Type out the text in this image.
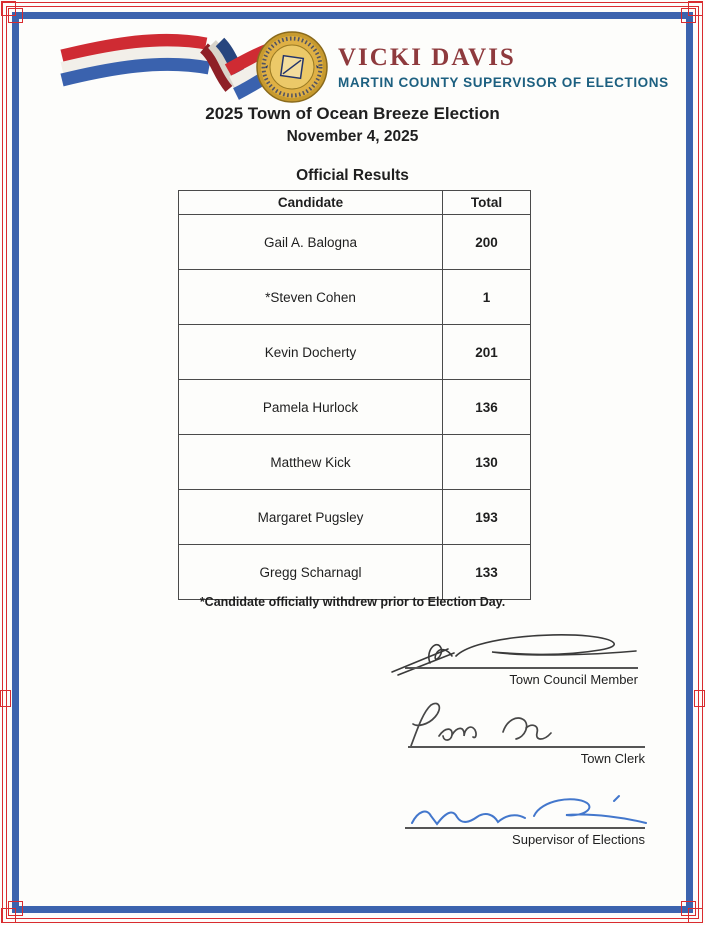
VICKI DAVIS
MARTIN COUNTY SUPERVISOR OF ELECTIONS
2025 Town of Ocean Breeze Election
November 4, 2025
Official Results
Candidate	Total
Gail A. Balogna	200
*Steven Cohen	1
Kevin Docherty	201
Pamela Hurlock	136
Matthew Kick	130
Margaret Pugsley	193
Gregg Scharnagl	133
*Candidate officially withdrew prior to Election Day.
Town Council Member
Town Clerk
Supervisor of Elections
